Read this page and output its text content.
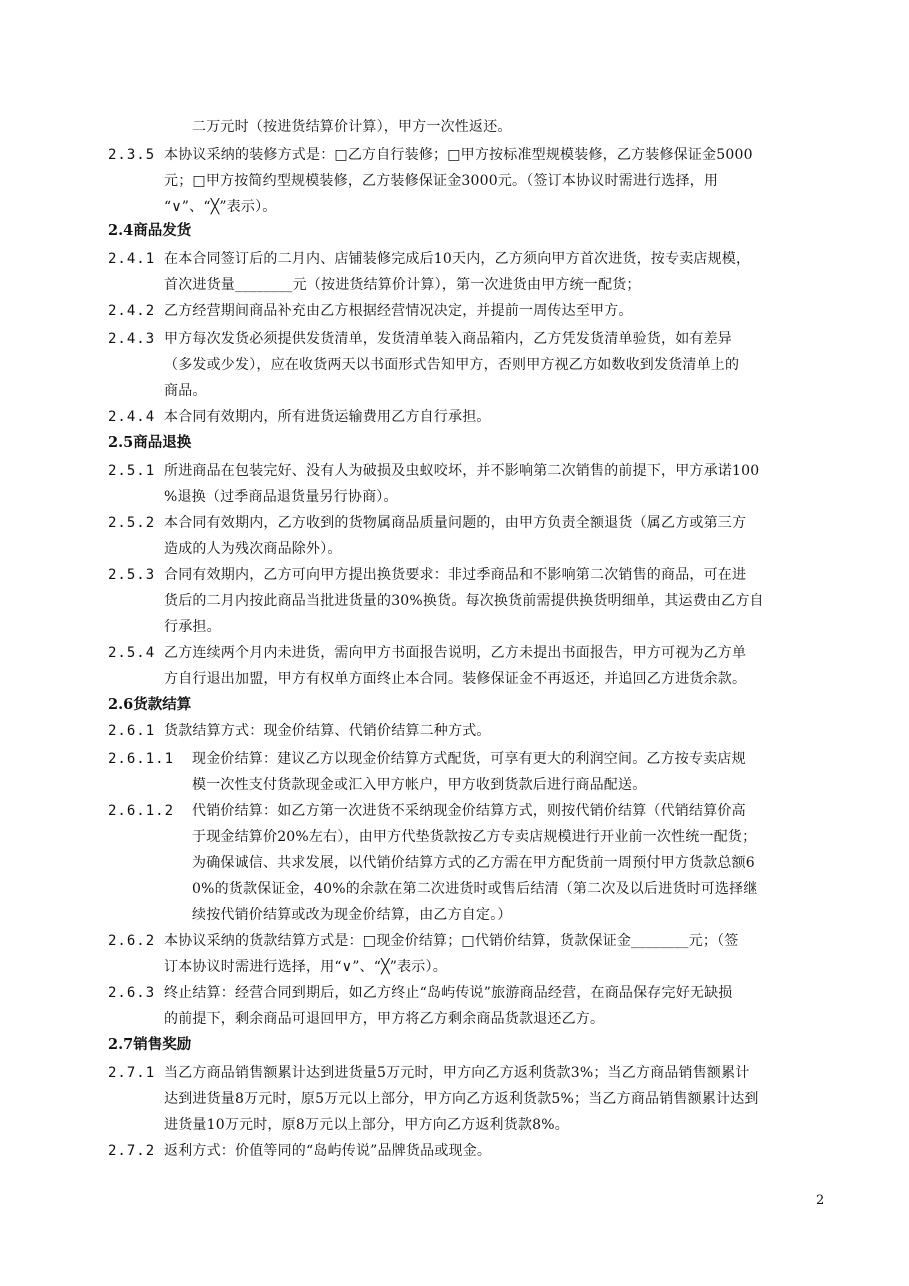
二万元时（按进货结算价计算），甲方一次性返还。
2.3.5 本协议采纳的装修方式是：□乙方自行装修；□甲方按标准型规模装修，乙方装修保证金5000
元；□甲方按简约型规模装修，乙方装修保证金3000元。（签订本协议时需进行选择，用
“∨”、“╳”表示）。
2.4商品发货
2.4.1 在本合同签订后的二月内、店铺装修完成后10天内，乙方须向甲方首次进货，按专卖店规模，
首次进货量________元（按进货结算价计算），第一次进货由甲方统一配货；
2.4.2 乙方经营期间商品补充由乙方根据经营情况决定，并提前一周传达至甲方。
2.4.3 甲方每次发货必须提供发货清单，发货清单装入商品箱内，乙方凭发货清单验货，如有差异
（多发或少发），应在收货两天以书面形式告知甲方，否则甲方视乙方如数收到发货清单上的
商品。
2.4.4 本合同有效期内，所有进货运输费用乙方自行承担。
2.5商品退换
2.5.1 所进商品在包装完好、没有人为破损及虫蚁咬坏，并不影响第二次销售的前提下，甲方承诺100
%退换（过季商品退货量另行协商）。
2.5.2 本合同有效期内，乙方收到的货物属商品质量问题的，由甲方负责全额退货（属乙方或第三方
造成的人为残次商品除外）。
2.5.3 合同有效期内，乙方可向甲方提出换货要求：非过季商品和不影响第二次销售的商品，可在进
货后的二月内按此商品当批进货量的30%换货。每次换货前需提供换货明细单，其运费由乙方自
行承担。
2.5.4 乙方连续两个月内未进货，需向甲方书面报告说明，乙方未提出书面报告，甲方可视为乙方单
方自行退出加盟，甲方有权单方面终止本合同。装修保证金不再返还，并追回乙方进货余款。
2.6货款结算
2.6.1 货款结算方式：现金价结算、代销价结算二种方式。
2.6.1.1 现金价结算：建议乙方以现金价结算方式配货，可享有更大的利润空间。乙方按专卖店规
模一次性支付货款现金或汇入甲方帐户，甲方收到货款后进行商品配送。
2.6.1.2 代销价结算：如乙方第一次进货不采纳现金价结算方式，则按代销价结算（代销结算价高
于现金结算价20%左右），由甲方代垫货款按乙方专卖店规模进行开业前一次性统一配货；
为确保诚信、共求发展，以代销价结算方式的乙方需在甲方配货前一周预付甲方货款总额6
0%的货款保证金，40%的余款在第二次进货时或售后结清（第二次及以后进货时可选择继
续按代销价结算或改为现金价结算，由乙方自定。）
2.6.2 本协议采纳的货款结算方式是：□现金价结算；□代销价结算，货款保证金________元；（签
订本协议时需进行选择，用“∨”、“╳”表示）。
2.6.3 终止结算：经营合同到期后，如乙方终止“岛屿传说”旅游商品经营，在商品保存完好无缺损
的前提下，剩余商品可退回甲方，甲方将乙方剩余商品货款退还乙方。
2.7销售奖励
2.7.1 当乙方商品销售额累计达到进货量5万元时，甲方向乙方返利货款3%；当乙方商品销售额累计
达到进货量8万元时，原5万元以上部分，甲方向乙方返利货款5%；当乙方商品销售额累计达到
进货量10万元时，原8万元以上部分，甲方向乙方返利货款8%。
2.7.2 返利方式：价值等同的“岛屿传说”品牌货品或现金。
2
